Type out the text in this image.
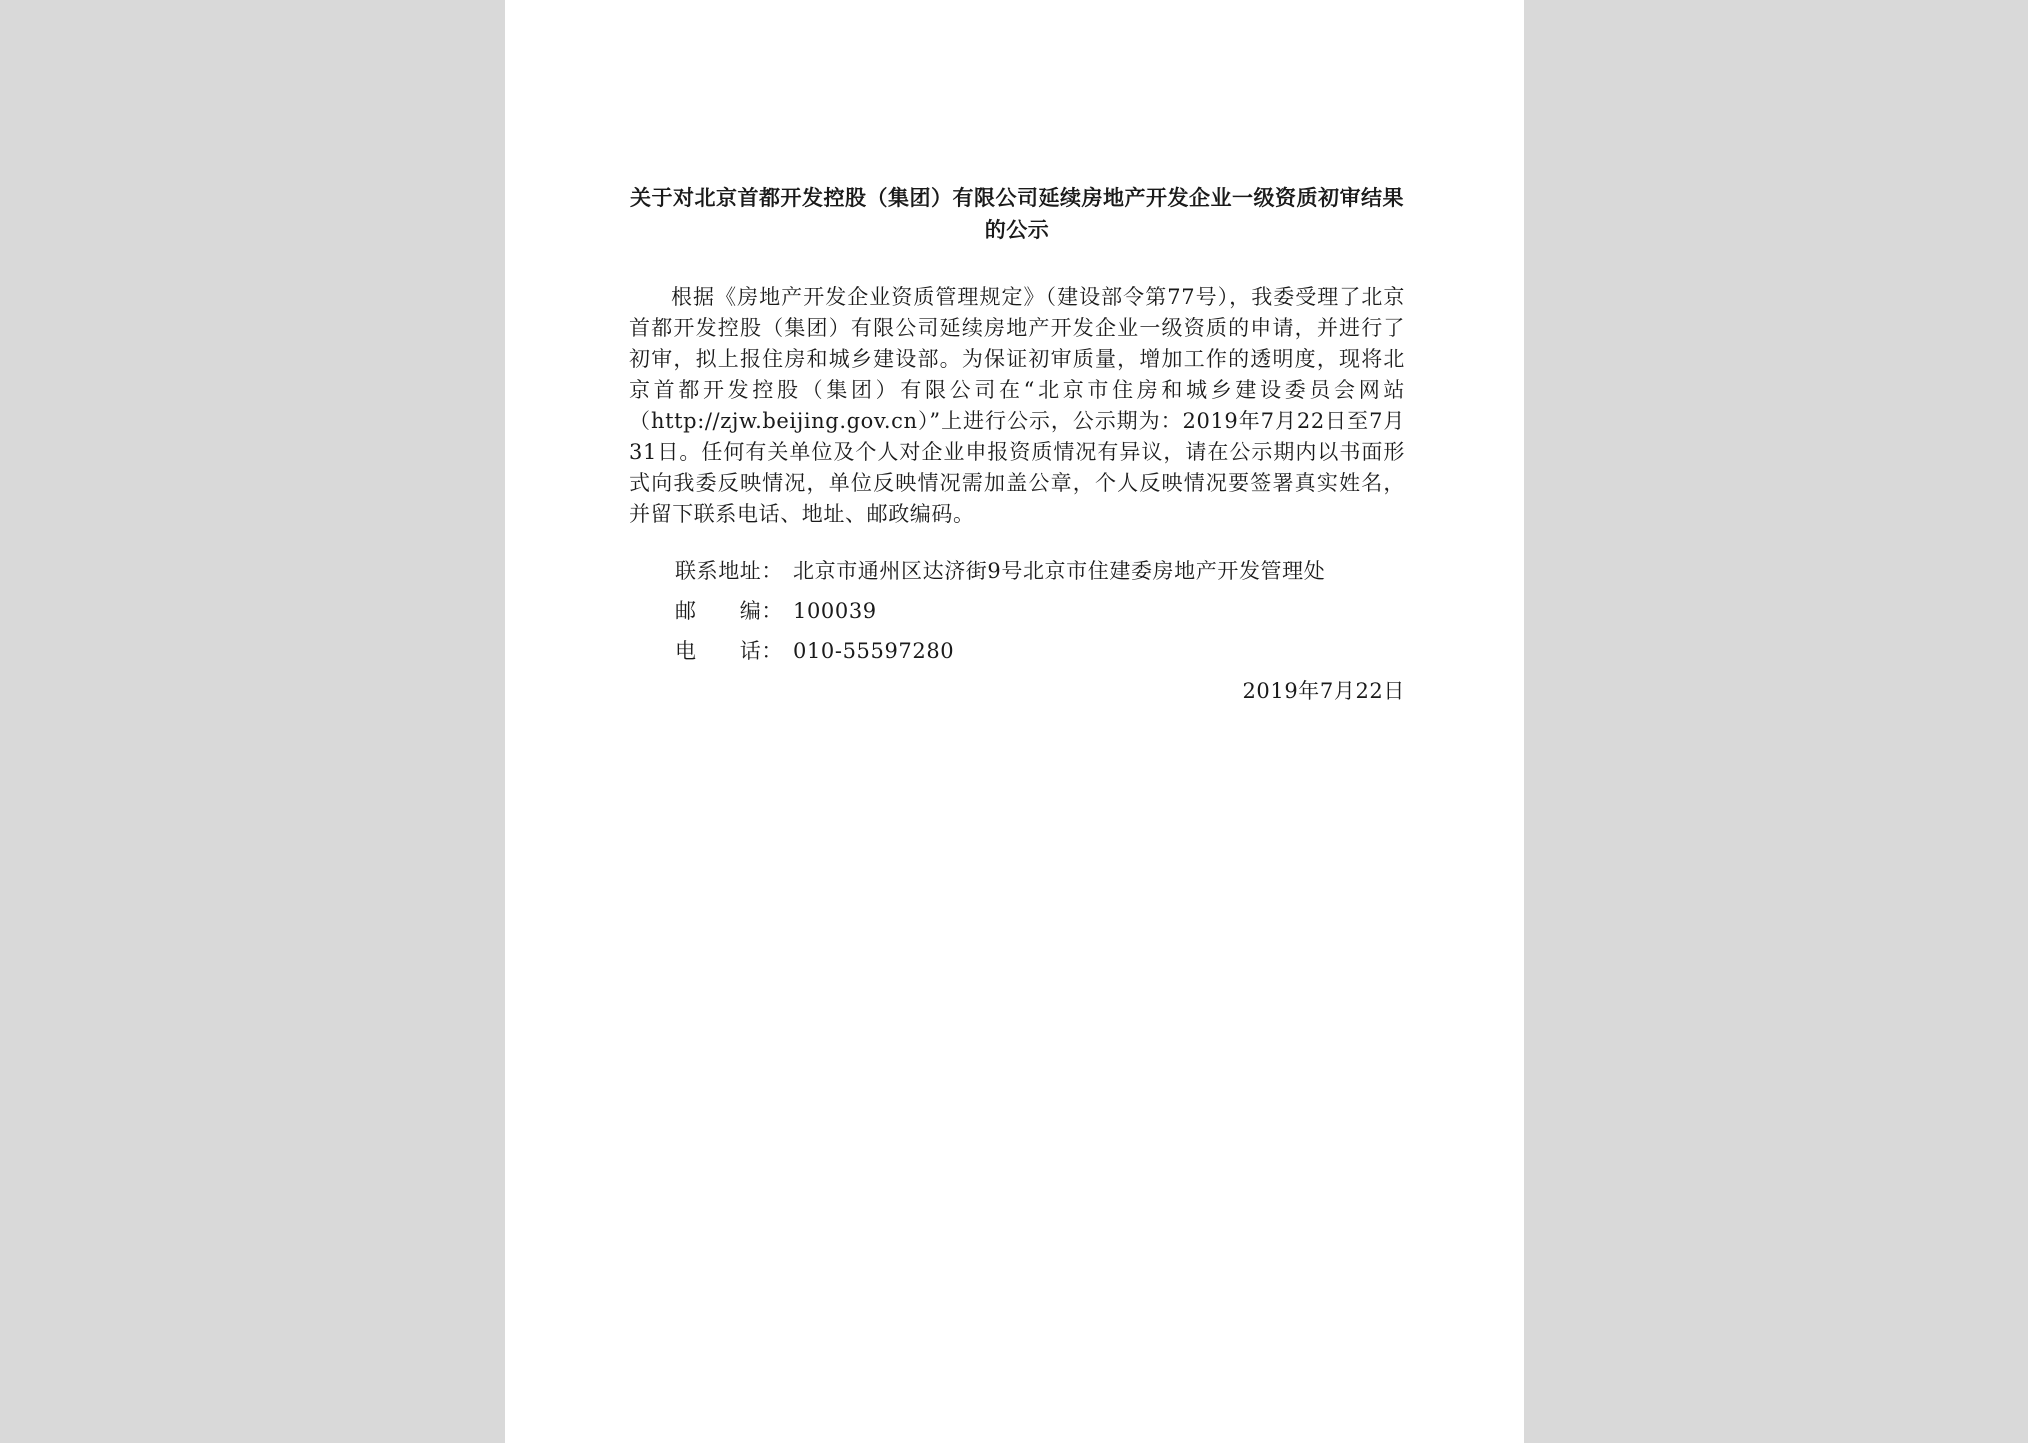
关于对北京首都开发控股（集团）有限公司延续房地产开发企业一级资质初审结果的公示

根据《房地产开发企业资质管理规定》（建设部令第77号），我委受理了北京首都开发控股（集团）有限公司延续房地产开发企业一级资质的申请，并进行了初审，拟上报住房和城乡建设部。为保证初审质量，增加工作的透明度，现将北京首都开发控股（集团）有限公司在“北京市住房和城乡建设委员会网站（http://zjw.beijing.gov.cn）”上进行公示，公示期为：2019年7月22日至7月31日。任何有关单位及个人对企业申报资质情况有异议，请在公示期内以书面形式向我委反映情况，单位反映情况需加盖公章，个人反映情况要签署真实姓名，并留下联系电话、地址、邮政编码。

联系地址： 北京市通州区达济街9号北京市住建委房地产开发管理处
邮　　编： 100039
电　　话： 010-55597280
2019年7月22日
